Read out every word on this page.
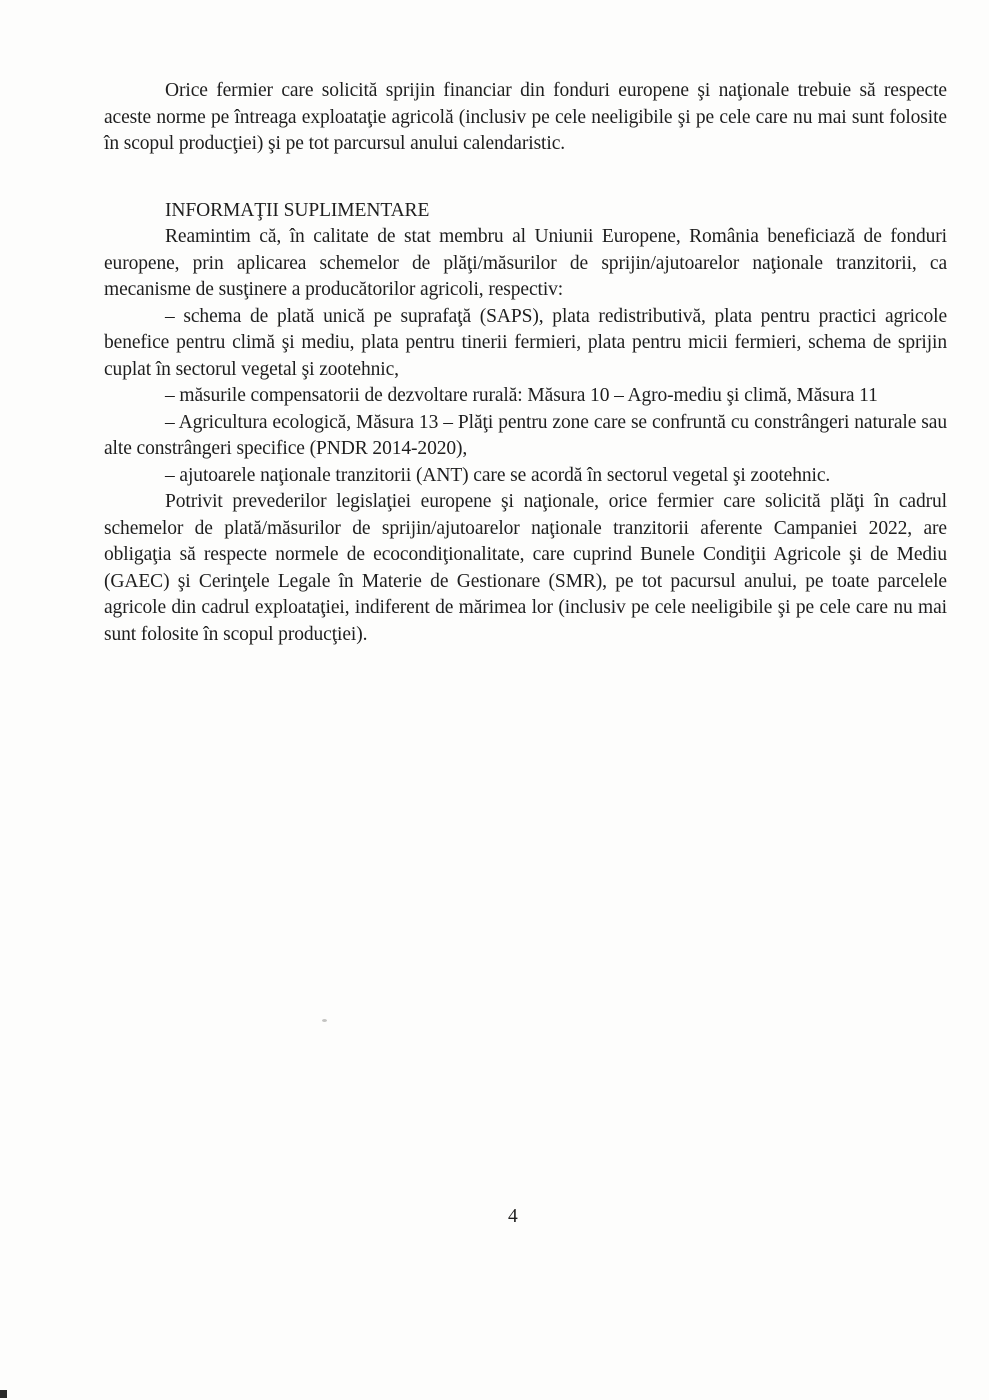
Orice fermier care solicită sprijin financiar din fonduri europene şi naţionale trebuie să respecte aceste norme pe întreaga exploataţie agricolă (inclusiv pe cele neeligibile şi pe cele care nu mai sunt folosite în scopul producţiei) şi pe tot parcursul anului calendaristic.

INFORMAŢII SUPLIMENTARE

Reamintim că, în calitate de stat membru al Uniunii Europene, România beneficiază de fonduri europene, prin aplicarea schemelor de plăţi/măsurilor de sprijin/ajutoarelor naţionale tranzitorii, ca mecanisme de susţinere a producătorilor agricoli, respectiv:

– schema de plată unică pe suprafaţă (SAPS), plata redistributivă, plata pentru practici agricole benefice pentru climă şi mediu, plata pentru tinerii fermieri, plata pentru micii fermieri, schema de sprijin cuplat în sectorul vegetal şi zootehnic,

– măsurile compensatorii de dezvoltare rurală: Măsura 10 – Agro-mediu şi climă, Măsura 11

– Agricultura ecologică, Măsura 13 – Plăţi pentru zone care se confruntă cu constrângeri naturale sau alte constrângeri specifice (PNDR 2014-2020),

– ajutoarele naţionale tranzitorii (ANT) care se acordă în sectorul vegetal şi zootehnic.

Potrivit prevederilor legislaţiei europene şi naţionale, orice fermier care solicită plăţi în cadrul schemelor de plată/măsurilor de sprijin/ajutoarelor naţionale tranzitorii aferente Campaniei 2022, are obligaţia să respecte normele de ecocondiţionalitate, care cuprind Bunele Condiţii Agricole şi de Mediu (GAEC) şi Cerinţele Legale în Materie de Gestionare (SMR), pe tot pacursul anului, pe toate parcelele agricole din cadrul exploataţiei, indiferent de mărimea lor (inclusiv pe cele neeligibile şi pe cele care nu mai sunt folosite în scopul producţiei).

4
